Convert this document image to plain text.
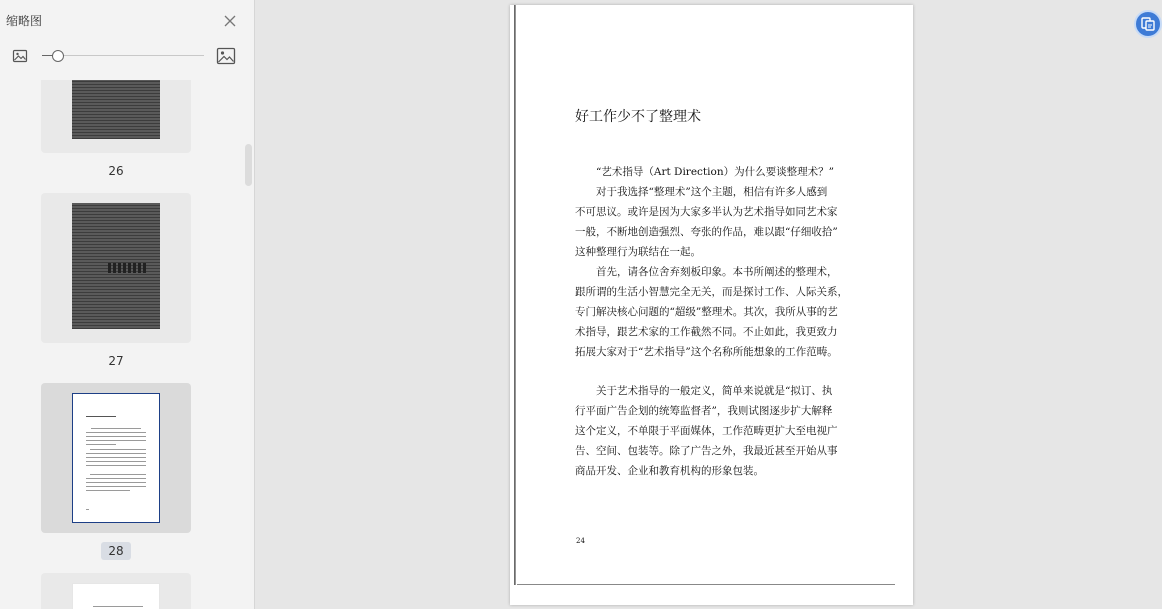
缩略图
26
27
28
好工作少不了整理术
“艺术指导（Art Direction）为什么要谈整理术？”
对于我选择“整理术”这个主题，相信有许多人感到
不可思议。或许是因为大家多半认为艺术指导如同艺术家
一般，不断地创造强烈、夸张的作品，难以跟“仔细收拾”
这种整理行为联结在一起。
首先，请各位舍弃刻板印象。本书所阐述的整理术，
跟所谓的生活小智慧完全无关，而是探讨工作、人际关系，
专门解决核心问题的“超级”整理术。其次，我所从事的艺
术指导，跟艺术家的工作截然不同。不止如此，我更致力
拓展大家对于“艺术指导”这个名称所能想象的工作范畴。
关于艺术指导的一般定义，简单来说就是“拟订、执
行平面广告企划的统筹监督者”，我则试图逐步扩大解释
这个定义，不单限于平面媒体，工作范畴更扩大至电视广
告、空间、包装等。除了广告之外，我最近甚至开始从事
商品开发、企业和教育机构的形象包装。
24
